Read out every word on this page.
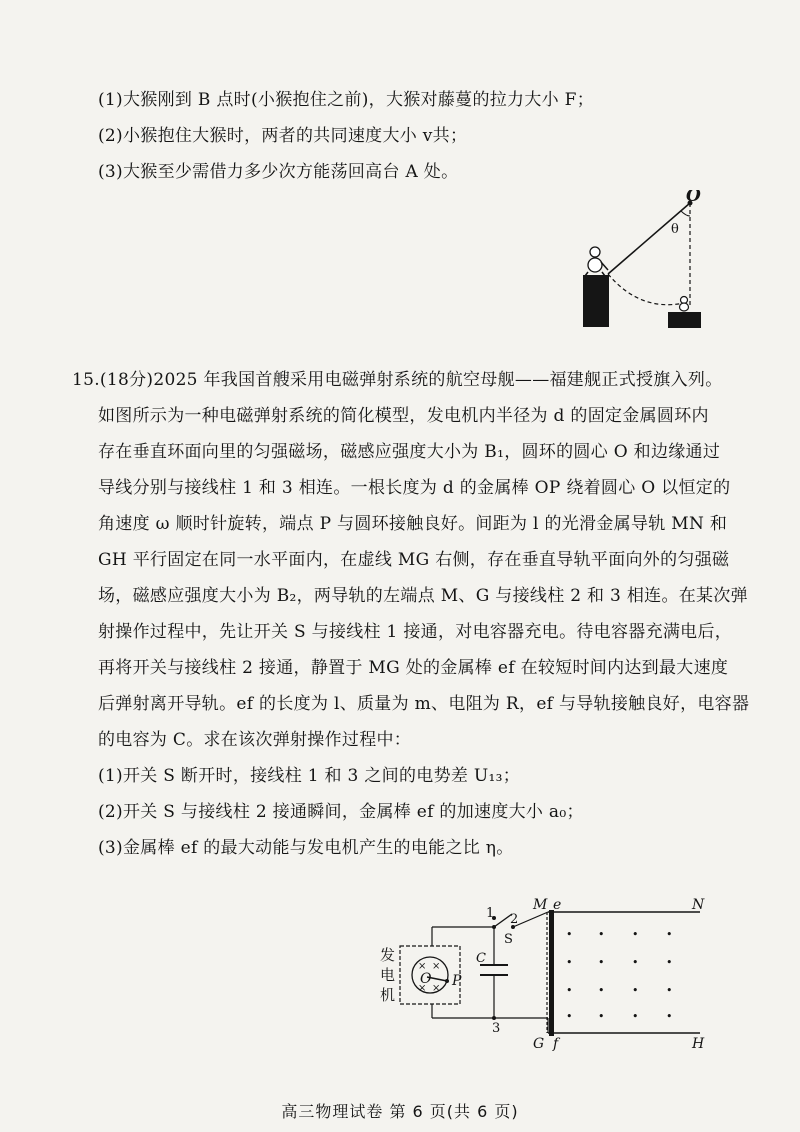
(1)大猴刚到 B 点时(小猴抱住之前)，大猴对藤蔓的拉力大小 F；
(2)小猴抱住大猴时，两者的共同速度大小 v共；
(3)大猴至少需借力多少次方能荡回高台 A 处。
O
θ
15.(18分)2025 年我国首艘采用电磁弹射系统的航空母舰——福建舰正式授旗入列。
如图所示为一种电磁弹射系统的简化模型，发电机内半径为 d 的固定金属圆环内
存在垂直环面向里的匀强磁场，磁感应强度大小为 B₁，圆环的圆心 O 和边缘通过
导线分别与接线柱 1 和 3 相连。一根长度为 d 的金属棒 OP 绕着圆心 O 以恒定的
角速度 ω 顺时针旋转，端点 P 与圆环接触良好。间距为 l 的光滑金属导轨 MN 和
GH 平行固定在同一水平面内，在虚线 MG 右侧，存在垂直导轨平面向外的匀强磁
场，磁感应强度大小为 B₂，两导轨的左端点 M、G 与接线柱 2 和 3 相连。在某次弹
射操作过程中，先让开关 S 与接线柱 1 接通，对电容器充电。待电容器充满电后，
再将开关与接线柱 2 接通，静置于 MG 处的金属棒 ef 在较短时间内达到最大速度
后弹射离开导轨。ef 的长度为 l、质量为 m、电阻为 R，ef 与导轨接触良好，电容器
的电容为 C。求在该次弹射操作过程中：
(1)开关 S 断开时，接线柱 1 和 3 之间的电势差 U₁₃；
(2)开关 S 与接线柱 2 接通瞬间，金属棒 ef 的加速度大小 a₀；
(3)金属棒 ef 的最大动能与发电机产生的电能之比 η。
• •	•	•
• •	•	•
• •	•	•
• •	•	•
M e	N
G f	H
1 2
S
C
3
× ×
× ×
O P
发
电
机
高三物理试卷 第 6 页(共 6 页)
